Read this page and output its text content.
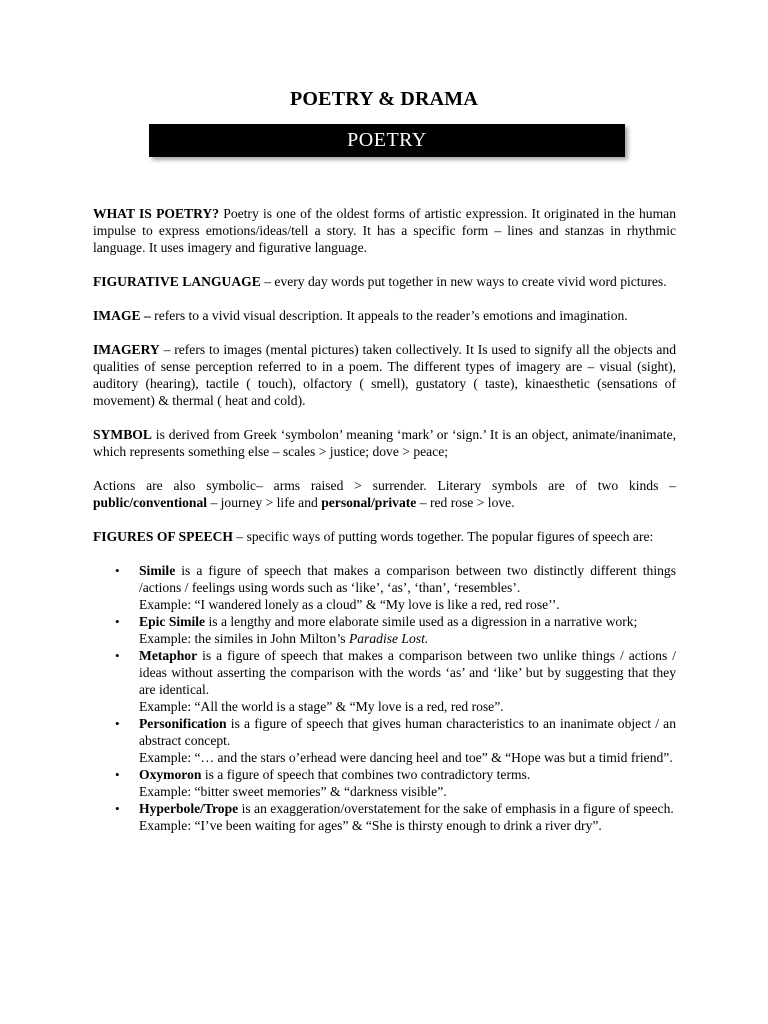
POETRY & DRAMA
POETRY

WHAT IS POETRY? Poetry is one of the oldest forms of artistic expression. It originated in the human impulse to express emotions/ideas/tell a story. It has a specific form – lines and stanzas in rhythmic language. It uses imagery and figurative language.

FIGURATIVE LANGUAGE – every day words put together in new ways to create vivid word pictures.

IMAGE – refers to a vivid visual description. It appeals to the reader’s emotions and imagination.

IMAGERY – refers to images (mental pictures) taken collectively. It Is used to signify all the objects and qualities of sense perception referred to in a poem. The different types of imagery are – visual (sight), auditory (hearing), tactile ( touch), olfactory ( smell), gustatory ( taste), kinaesthetic (sensations of movement) & thermal ( heat and cold).

SYMBOL is derived from Greek ‘symbolon’ meaning ‘mark’ or ‘sign.’ It is an object, animate/inanimate, which represents something else – scales > justice; dove > peace;

Actions are also symbolic– arms raised > surrender. Literary symbols are of two kinds – public/conventional – journey > life and personal/private – red rose > love.

FIGURES OF SPEECH – specific ways of putting words together. The popular figures of speech are:

• Simile is a figure of speech that makes a comparison between two distinctly different things /actions / feelings using words such as ‘like’, ‘as’, ‘than’, ‘resembles’.
Example: “I wandered lonely as a cloud” & “My love is like a red, red rose’’.
• Epic Simile is a lengthy and more elaborate simile used as a digression in a narrative work;
Example: the similes in John Milton’s Paradise Lost.
• Metaphor is a figure of speech that makes a comparison between two unlike things / actions / ideas without asserting the comparison with the words ‘as’ and ‘like’ but by suggesting that they are identical.
Example: “All the world is a stage” & “My love is a red, red rose”.
• Personification is a figure of speech that gives human characteristics to an inanimate object / an abstract concept.
Example: “… and the stars o’erhead were dancing heel and toe” & “Hope was but a timid friend”.
• Oxymoron is a figure of speech that combines two contradictory terms.
Example: “bitter sweet memories” & “darkness visible”.
• Hyperbole/Trope is an exaggeration/overstatement for the sake of emphasis in a figure of speech.
Example: “I’ve been waiting for ages” & “She is thirsty enough to drink a river dry”.
